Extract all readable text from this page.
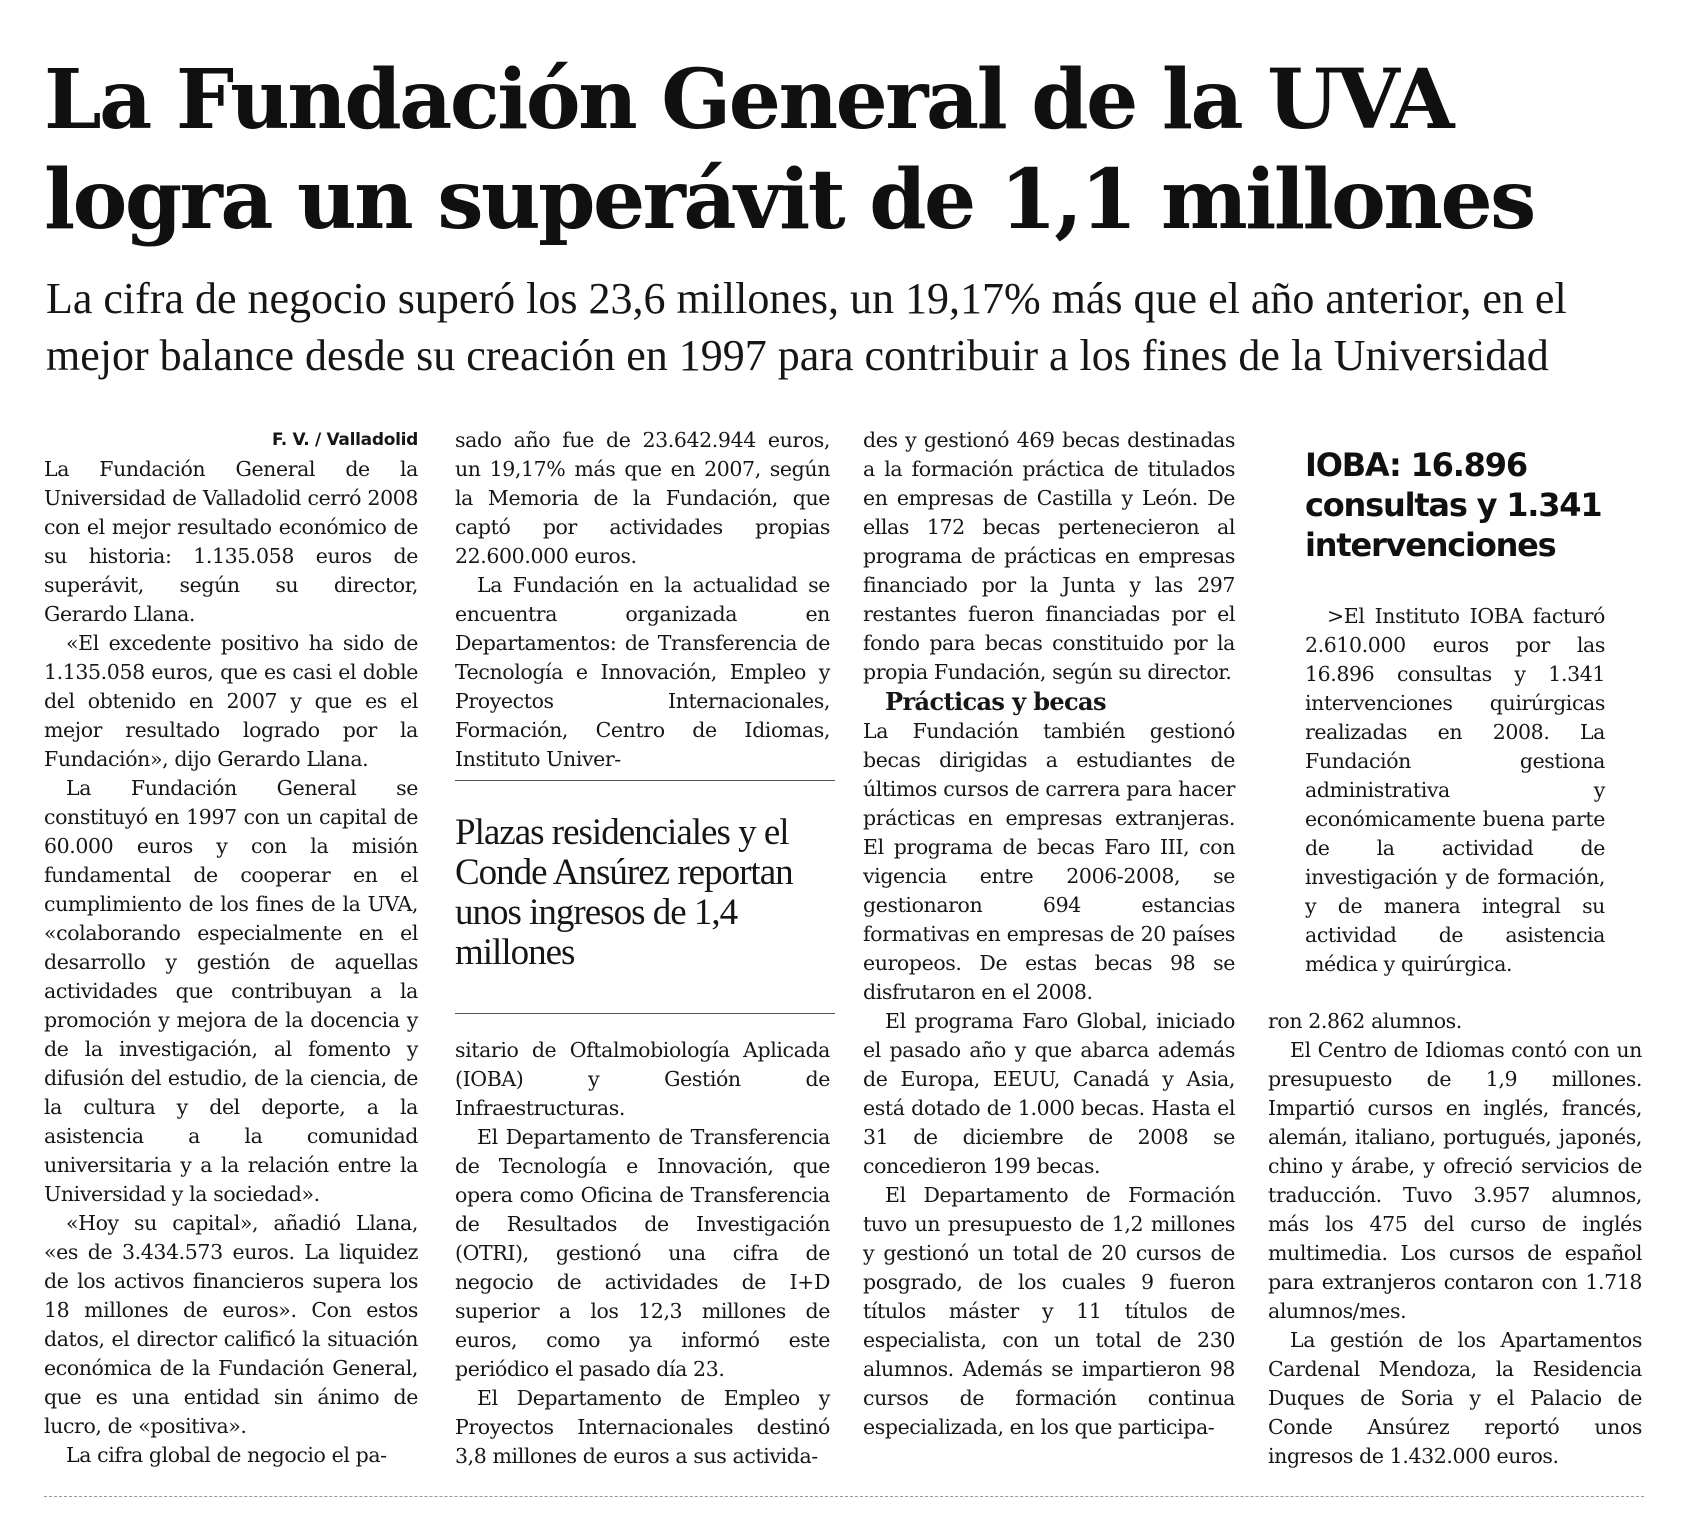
La Fundación General de la UVA
logra un superávit de 1,1 millones
La cifra de negocio superó los 23,6 millones, un 19,17% más que el año anterior, en el
mejor balance desde su creación en 1997 para contribuir a los fines de la Universidad

F. V. / Valladolid

La Fundación General de la Universidad de Valladolid cerró 2008 con el mejor resultado económico de su historia: 1.135.058 euros de superávit, según su director, Gerardo Llana.

«El excedente positivo ha sido de 1.135.058 euros, que es casi el doble del obtenido en 2007 y que es el mejor resultado logrado por la Fundación», dijo Gerardo Llana.

La Fundación General se constituyó en 1997 con un capital de 60.000 euros y con la misión fundamental de cooperar en el cumplimiento de los fines de la UVA, «colaborando especialmente en el desarrollo y gestión de aquellas actividades que contribuyan a la promoción y mejora de la docencia y de la investigación, al fomento y difusión del estudio, de la ciencia, de la cultura y del deporte, a la asistencia a la comunidad universitaria y a la relación entre la Universidad y la sociedad».

«Hoy su capital», añadió Llana, «es de 3.434.573 euros. La liquidez de los activos financieros supera los 18 millones de euros». Con estos datos, el director calificó la situación económica de la Fundación General, que es una entidad sin ánimo de lucro, de «positiva».

La cifra global de negocio el pa-

sado año fue de 23.642.944 euros, un 19,17% más que en 2007, según la Memoria de la Fundación, que captó por actividades propias 22.600.000 euros.

La Fundación en la actualidad se encuentra organizada en Departamentos: de Transferencia de Tecnología e Innovación, Empleo y Proyectos Internacionales, Formación, Centro de Idiomas, Instituto Univer-

Plazas residenciales y el Conde Ansúrez reportan unos ingresos de 1,4 millones

sitario de Oftalmobiología Aplicada (IOBA) y Gestión de Infraestructuras.

El Departamento de Transferencia de Tecnología e Innovación, que opera como Oficina de Transferencia de Resultados de Investigación (OTRI), gestionó una cifra de negocio de actividades de I+D superior a los 12,3 millones de euros, como ya informó este periódico el pasado día 23.

El Departamento de Empleo y Proyectos Internacionales destinó 3,8 millones de euros a sus activida-

des y gestionó 469 becas destinadas a la formación práctica de titulados en empresas de Castilla y León. De ellas 172 becas pertenecieron al programa de prácticas en empresas financiado por la Junta y las 297 restantes fueron financiadas por el fondo para becas constituido por la propia Fundación, según su director.

Prácticas y becas

La Fundación también gestionó becas dirigidas a estudiantes de últimos cursos de carrera para hacer prácticas en empresas extranjeras. El programa de becas Faro III, con vigencia entre 2006-2008, se gestionaron 694 estancias formativas en empresas de 20 países europeos. De estas becas 98 se disfrutaron en el 2008.

El programa Faro Global, iniciado el pasado año y que abarca además de Europa, EEUU, Canadá y Asia, está dotado de 1.000 becas. Hasta el 31 de diciembre de 2008 se concedieron 199 becas.

El Departamento de Formación tuvo un presupuesto de 1,2 millones y gestionó un total de 20 cursos de posgrado, de los cuales 9 fueron títulos máster y 11 títulos de especialista, con un total de 230 alumnos. Además se impartieron 98 cursos de formación continua especializada, en los que participa-

IOBA: 16.896 consultas y 1.341 intervenciones

>El Instituto IOBA facturó 2.610.000 euros por las 16.896 consultas y 1.341 intervenciones quirúrgicas realizadas en 2008. La Fundación gestiona administrativa y económicamente buena parte de la actividad de investigación y de formación, y de manera integral su actividad de asistencia médica y quirúrgica.

ron 2.862 alumnos.

El Centro de Idiomas contó con un presupuesto de 1,9 millones. Impartió cursos en inglés, francés, alemán, italiano, portugués, japonés, chino y árabe, y ofreció servicios de traducción. Tuvo 3.957 alumnos, más los 475 del curso de inglés multimedia. Los cursos de español para extranjeros contaron con 1.718 alumnos/mes.

La gestión de los Apartamentos Cardenal Mendoza, la Residencia Duques de Soria y el Palacio de Conde Ansúrez reportó unos ingresos de 1.432.000 euros.
